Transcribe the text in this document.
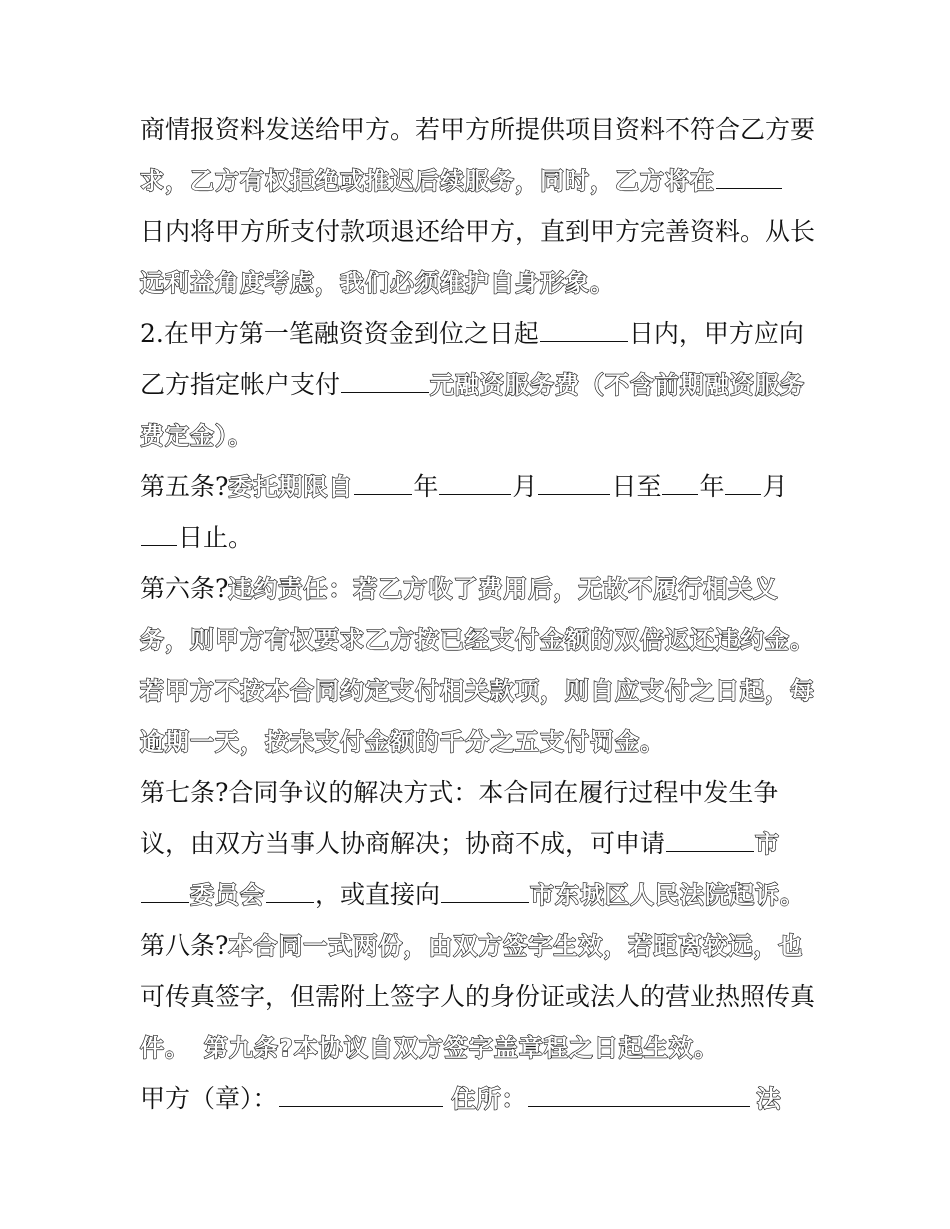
商情报资料发送给甲方。若甲方所提供项目资料不符合乙方要
求，乙方有权拒绝或推迟后续服务，同时，乙方将在
日内将甲方所支付款项退还给甲方，直到甲方完善资料。从长
远利益角度考虑，我们必须维护自身形象。
2.在甲方第一笔融资资金到位之日起	日内，甲方应向
乙方指定帐户支付	元融资服务费（不含前期融资服务
费定金）。
第五条?委托期限自 年	月	日至 年 月
日止。
第六条?违约责任：若乙方收了费用后，无故不履行相关义
务，则甲方有权要求乙方按已经支付金额的双倍返还违约金。
若甲方不按本合同约定支付相关款项，则自应支付之日起，每
逾期一天，按未支付金额的千分之五支付罚金。
第七条?合同争议的解决方式：本合同在履行过程中发生争
议，由双方当事人协商解决；协商不成，可申请	市
委员会 ，或直接向	市东城区人民法院起诉。
第八条?本合同一式两份，由双方签字生效，若距离较远，也
可传真签字，但需附上签字人的身份证或法人的营业热照传真
件。 第九条?本协议自双方签字盖章程之日起生效。
甲方（章）：	住所：	法
